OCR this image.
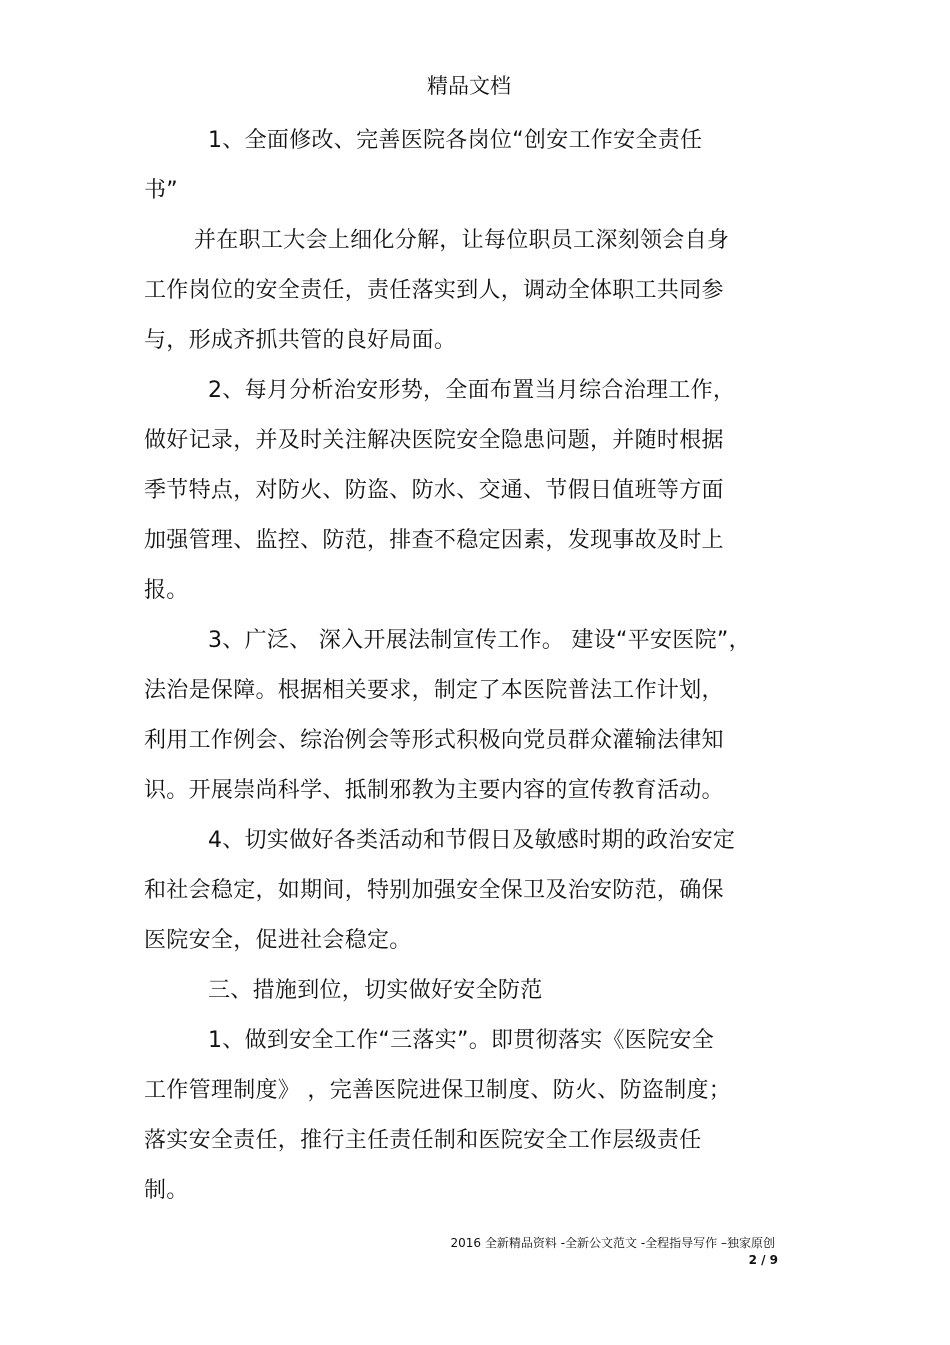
精品文档
1、全面修改、完善医院各岗位“创安工作安全责任
书”
并在职工大会上细化分解，让每位职员工深刻领会自身
工作岗位的安全责任，责任落实到人，调动全体职工共同参
与，形成齐抓共管的良好局面。
2、每月分析治安形势，全面布置当月综合治理工作，
做好记录，并及时关注解决医院安全隐患问题，并随时根据
季节特点，对防火、防盗、防水、交通、节假日值班等方面
加强管理、监控、防范，排查不稳定因素，发现事故及时上
报。
3、广泛、 深入开展法制宣传工作。 建设“平安医院”，
法治是保障。根据相关要求，制定了本医院普法工作计划，
利用工作例会、综治例会等形式积极向党员群众灌输法律知
识。开展崇尚科学、抵制邪教为主要内容的宣传教育活动。
4、切实做好各类活动和节假日及敏感时期的政治安定
和社会稳定，如期间，特别加强安全保卫及治安防范，确保
医院安全，促进社会稳定。
三、措施到位，切实做好安全防范
1、做到安全工作“三落实”。即贯彻落实《医院安全
工作管理制度》 ，完善医院进保卫制度、防火、防盗制度；
落实安全责任，推行主任责任制和医院安全工作层级责任
制。
2016 全新精品资料 -全新公文范文 -全程指导写作 –独家原创
2 / 9
